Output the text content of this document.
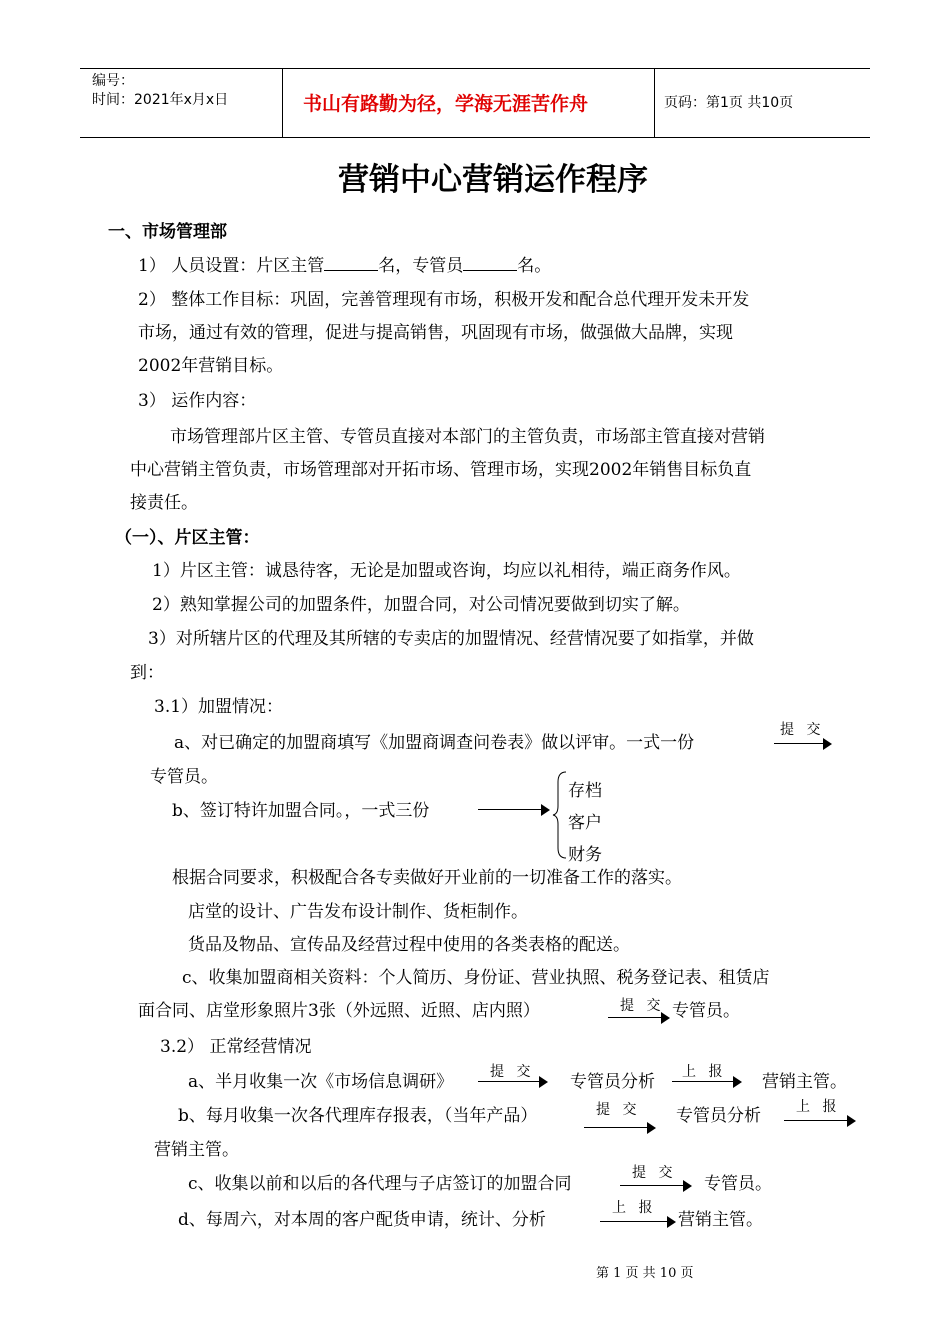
编号：
时间：2021年x月x日	书山有路勤为径，学海无涯苦作舟	页码：第1页 共10页
营销中心营销运作程序
一、市场管理部
1） 人员设置：片区主管	名，专管员	名。
2） 整体工作目标：巩固，完善管理现有市场，积极开发和配合总代理开发未开发
市场，通过有效的管理，促进与提高销售，巩固现有市场，做强做大品牌，实现
2002年营销目标。
3） 运作内容：
市场管理部片区主管、专管员直接对本部门的主管负责，市场部主管直接对营销
中心营销主管负责，市场管理部对开拓市场、管理市场，实现2002年销售目标负直
接责任。
（一）、片区主管：
1）片区主管：诚恳待客，无论是加盟或咨询，均应以礼相待，端正商务作风。
2）熟知掌握公司的加盟条件，加盟合同，对公司情况要做到切实了解。
3）对所辖片区的代理及其所辖的专卖店的加盟情况、经营情况要了如指掌，并做
到：
3.1）加盟情况：
a、对已确定的加盟商填写《加盟商调查问卷表》做以评审。一式一份
提 交
专管员。
b、签订特许加盟合同。，一式三份
存档
客户
财务
根据合同要求，积极配合各专卖做好开业前的一切准备工作的落实。
店堂的设计、广告发布设计制作、货柜制作。
货品及物品、宣传品及经营过程中使用的各类表格的配送。
c、收集加盟商相关资料：个人简历、身份证、营业执照、税务登记表、租赁店
面合同、店堂形象照片3张（外远照、近照、店内照）	提 交 专管员。
3.2） 正常经营情况
a、半月收集一次《市场信息调研》	提 交 专管员分析 上 报 营销主管。
b、每月收集一次各代理库存报表，（当年产品）	提 交 专管员分析	上 报
营销主管。
c、收集以前和以后的各代理与子店签订的加盟合同
提 交
专管员。
d、每周六，对本周的客户配货申请，统计、分析
上 报
营销主管。
第 1 页 共 10 页
